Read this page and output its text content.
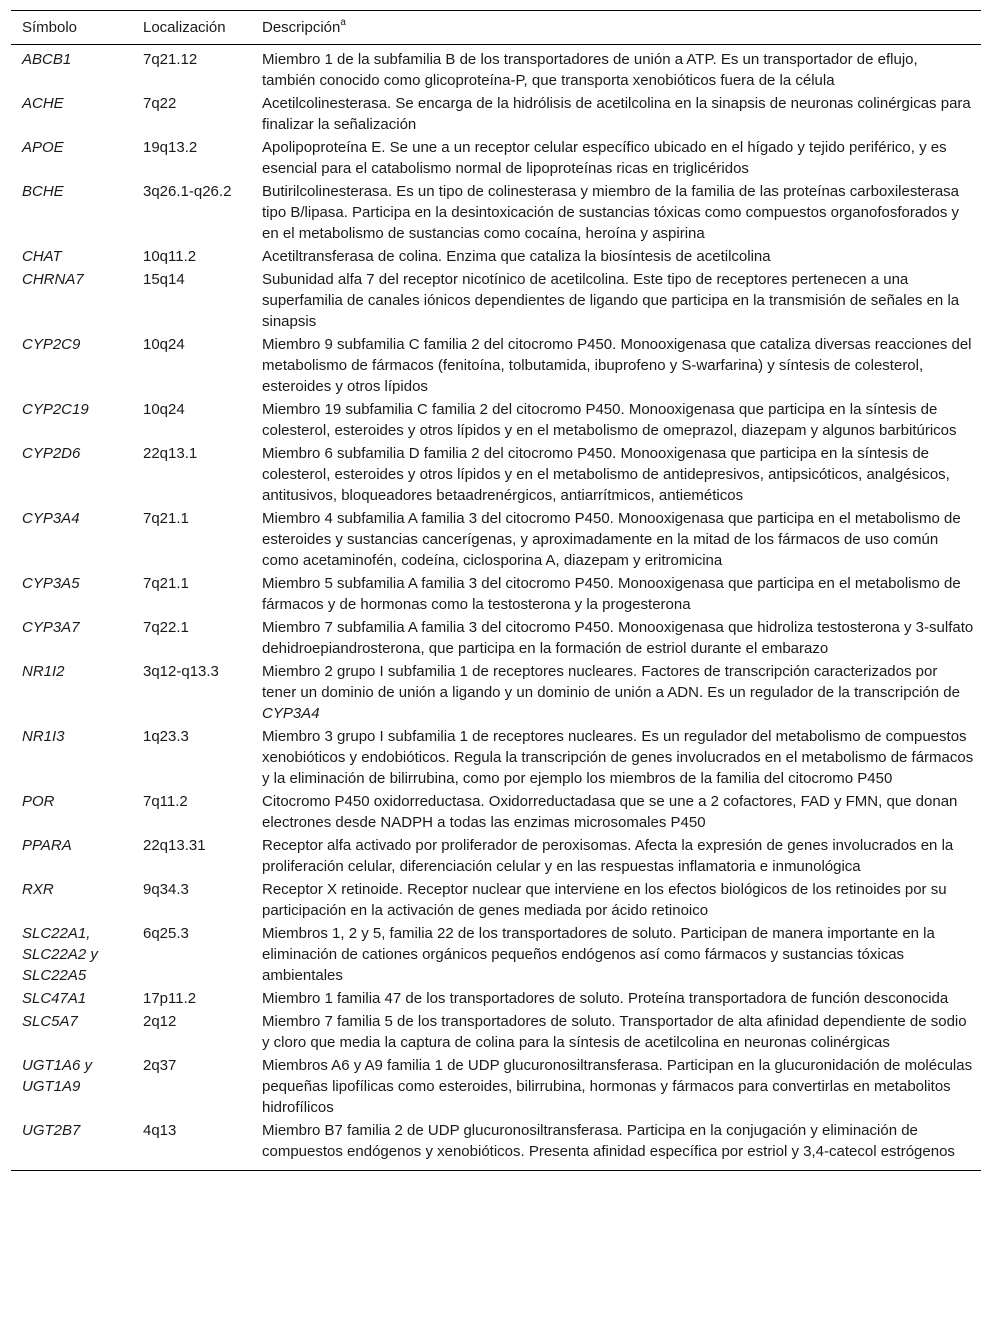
Símbolo	Localización	Descripción$^a$
ABCB1	7q21.12	Miembro 1 de la subfamilia B de los transportadores de unión a ATP. Es un transportador de eflujo, también conocido como glicoproteína-P, que transporta xenobióticos fuera de la célula
ACHE	7q22	Acetilcolinesterasa. Se encarga de la hidrólisis de acetilcolina en la sinapsis de neuronas colinérgicas para finalizar la señalización
APOE	19q13.2	Apolipoproteína E. Se une a un receptor celular específico ubicado en el hígado y tejido periférico, y es esencial para el catabolismo normal de lipoproteínas ricas en triglicéridos
BCHE	3q26.1-q26.2	Butirilcolinesterasa. Es un tipo de colinesterasa y miembro de la familia de las proteínas carboxilesterasa tipo B/lipasa. Participa en la desintoxicación de sustancias tóxicas como compuestos organofosforados y en el metabolismo de sustancias como cocaína, heroína y aspirina
CHAT	10q11.2	Acetiltransferasa de colina. Enzima que cataliza la biosíntesis de acetilcolina
CHRNA7	15q14	Subunidad alfa 7 del receptor nicotínico de acetilcolina. Este tipo de receptores pertenecen a una superfamilia de canales iónicos dependientes de ligando que participa en la transmisión de señales en la sinapsis
CYP2C9	10q24	Miembro 9 subfamilia C familia 2 del citocromo P450. Monooxigenasa que cataliza diversas reacciones del metabolismo de fármacos (fenitoína, tolbutamida, ibuprofeno y S-warfarina) y síntesis de colesterol, esteroides y otros lípidos
CYP2C19	10q24	Miembro 19 subfamilia C familia 2 del citocromo P450. Monooxigenasa que participa en la síntesis de colesterol, esteroides y otros lípidos y en el metabolismo de omeprazol, diazepam y algunos barbitúricos
CYP2D6	22q13.1	Miembro 6 subfamilia D familia 2 del citocromo P450. Monooxigenasa que participa en la síntesis de colesterol, esteroides y otros lípidos y en el metabolismo de antidepresivos, antipsicóticos, analgésicos, antitusivos, bloqueadores betaadrenérgicos, antiarrítmicos, antieméticos
CYP3A4	7q21.1	Miembro 4 subfamilia A familia 3 del citocromo P450. Monooxigenasa que participa en el metabolismo de esteroides y sustancias cancerígenas, y aproximadamente en la mitad de los fármacos de uso común como acetaminofén, codeína, ciclosporina A, diazepam y eritromicina
CYP3A5	7q21.1	Miembro 5 subfamilia A familia 3 del citocromo P450. Monooxigenasa que participa en el metabolismo de fármacos y de hormonas como la testosterona y la progesterona
CYP3A7	7q22.1	Miembro 7 subfamilia A familia 3 del citocromo P450. Monooxigenasa que hidroliza testosterona y 3-sulfato dehidroepiandrosterona, que participa en la formación de estriol durante el embarazo
NR1I2	3q12-q13.3	Miembro 2 grupo I subfamilia 1 de receptores nucleares. Factores de transcripción caracterizados por tener un dominio de unión a ligando y un dominio de unión a ADN. Es un regulador de la transcripción de CYP3A4
NR1I3	1q23.3	Miembro 3 grupo I subfamilia 1 de receptores nucleares. Es un regulador del metabolismo de compuestos xenobióticos y endobióticos. Regula la transcripción de genes involucrados en el metabolismo de fármacos y la eliminación de bilirrubina, como por ejemplo los miembros de la familia del citocromo P450
POR	7q11.2	Citocromo P450 oxidorreductasa. Oxidorreductadasa que se une a 2 cofactores, FAD y FMN, que donan electrones desde NADPH a todas las enzimas microsomales P450
PPARA	22q13.31	Receptor alfa activado por proliferador de peroxisomas. Afecta la expresión de genes involucrados en la proliferación celular, diferenciación celular y en las respuestas inflamatoria e inmunológica
RXR	9q34.3	Receptor X retinoide. Receptor nuclear que interviene en los efectos biológicos de los retinoides por su participación en la activación de genes mediada por ácido retinoico
SLC22A1, SLC22A2 y SLC22A5	6q25.3	Miembros 1, 2 y 5, familia 22 de los transportadores de soluto. Participan de manera importante en la eliminación de cationes orgánicos pequeños endógenos así como fármacos y sustancias tóxicas ambientales
SLC47A1	17p11.2	Miembro 1 familia 47 de los transportadores de soluto. Proteína transportadora de función desconocida
SLC5A7	2q12	Miembro 7 familia 5 de los transportadores de soluto. Transportador de alta afinidad dependiente de sodio y cloro que media la captura de colina para la síntesis de acetilcolina en neuronas colinérgicas
UGT1A6 y UGT1A9	2q37	Miembros A6 y A9 familia 1 de UDP glucuronosiltransferasa. Participan en la glucuronidación de moléculas pequeñas lipofílicas como esteroides, bilirrubina, hormonas y fármacos para convertirlas en metabolitos hidrofílicos
UGT2B7	4q13	Miembro B7 familia 2 de UDP glucuronosiltransferasa. Participa en la conjugación y eliminación de compuestos endógenos y xenobióticos. Presenta afinidad específica por estriol y 3,4-catecol estrógenos
